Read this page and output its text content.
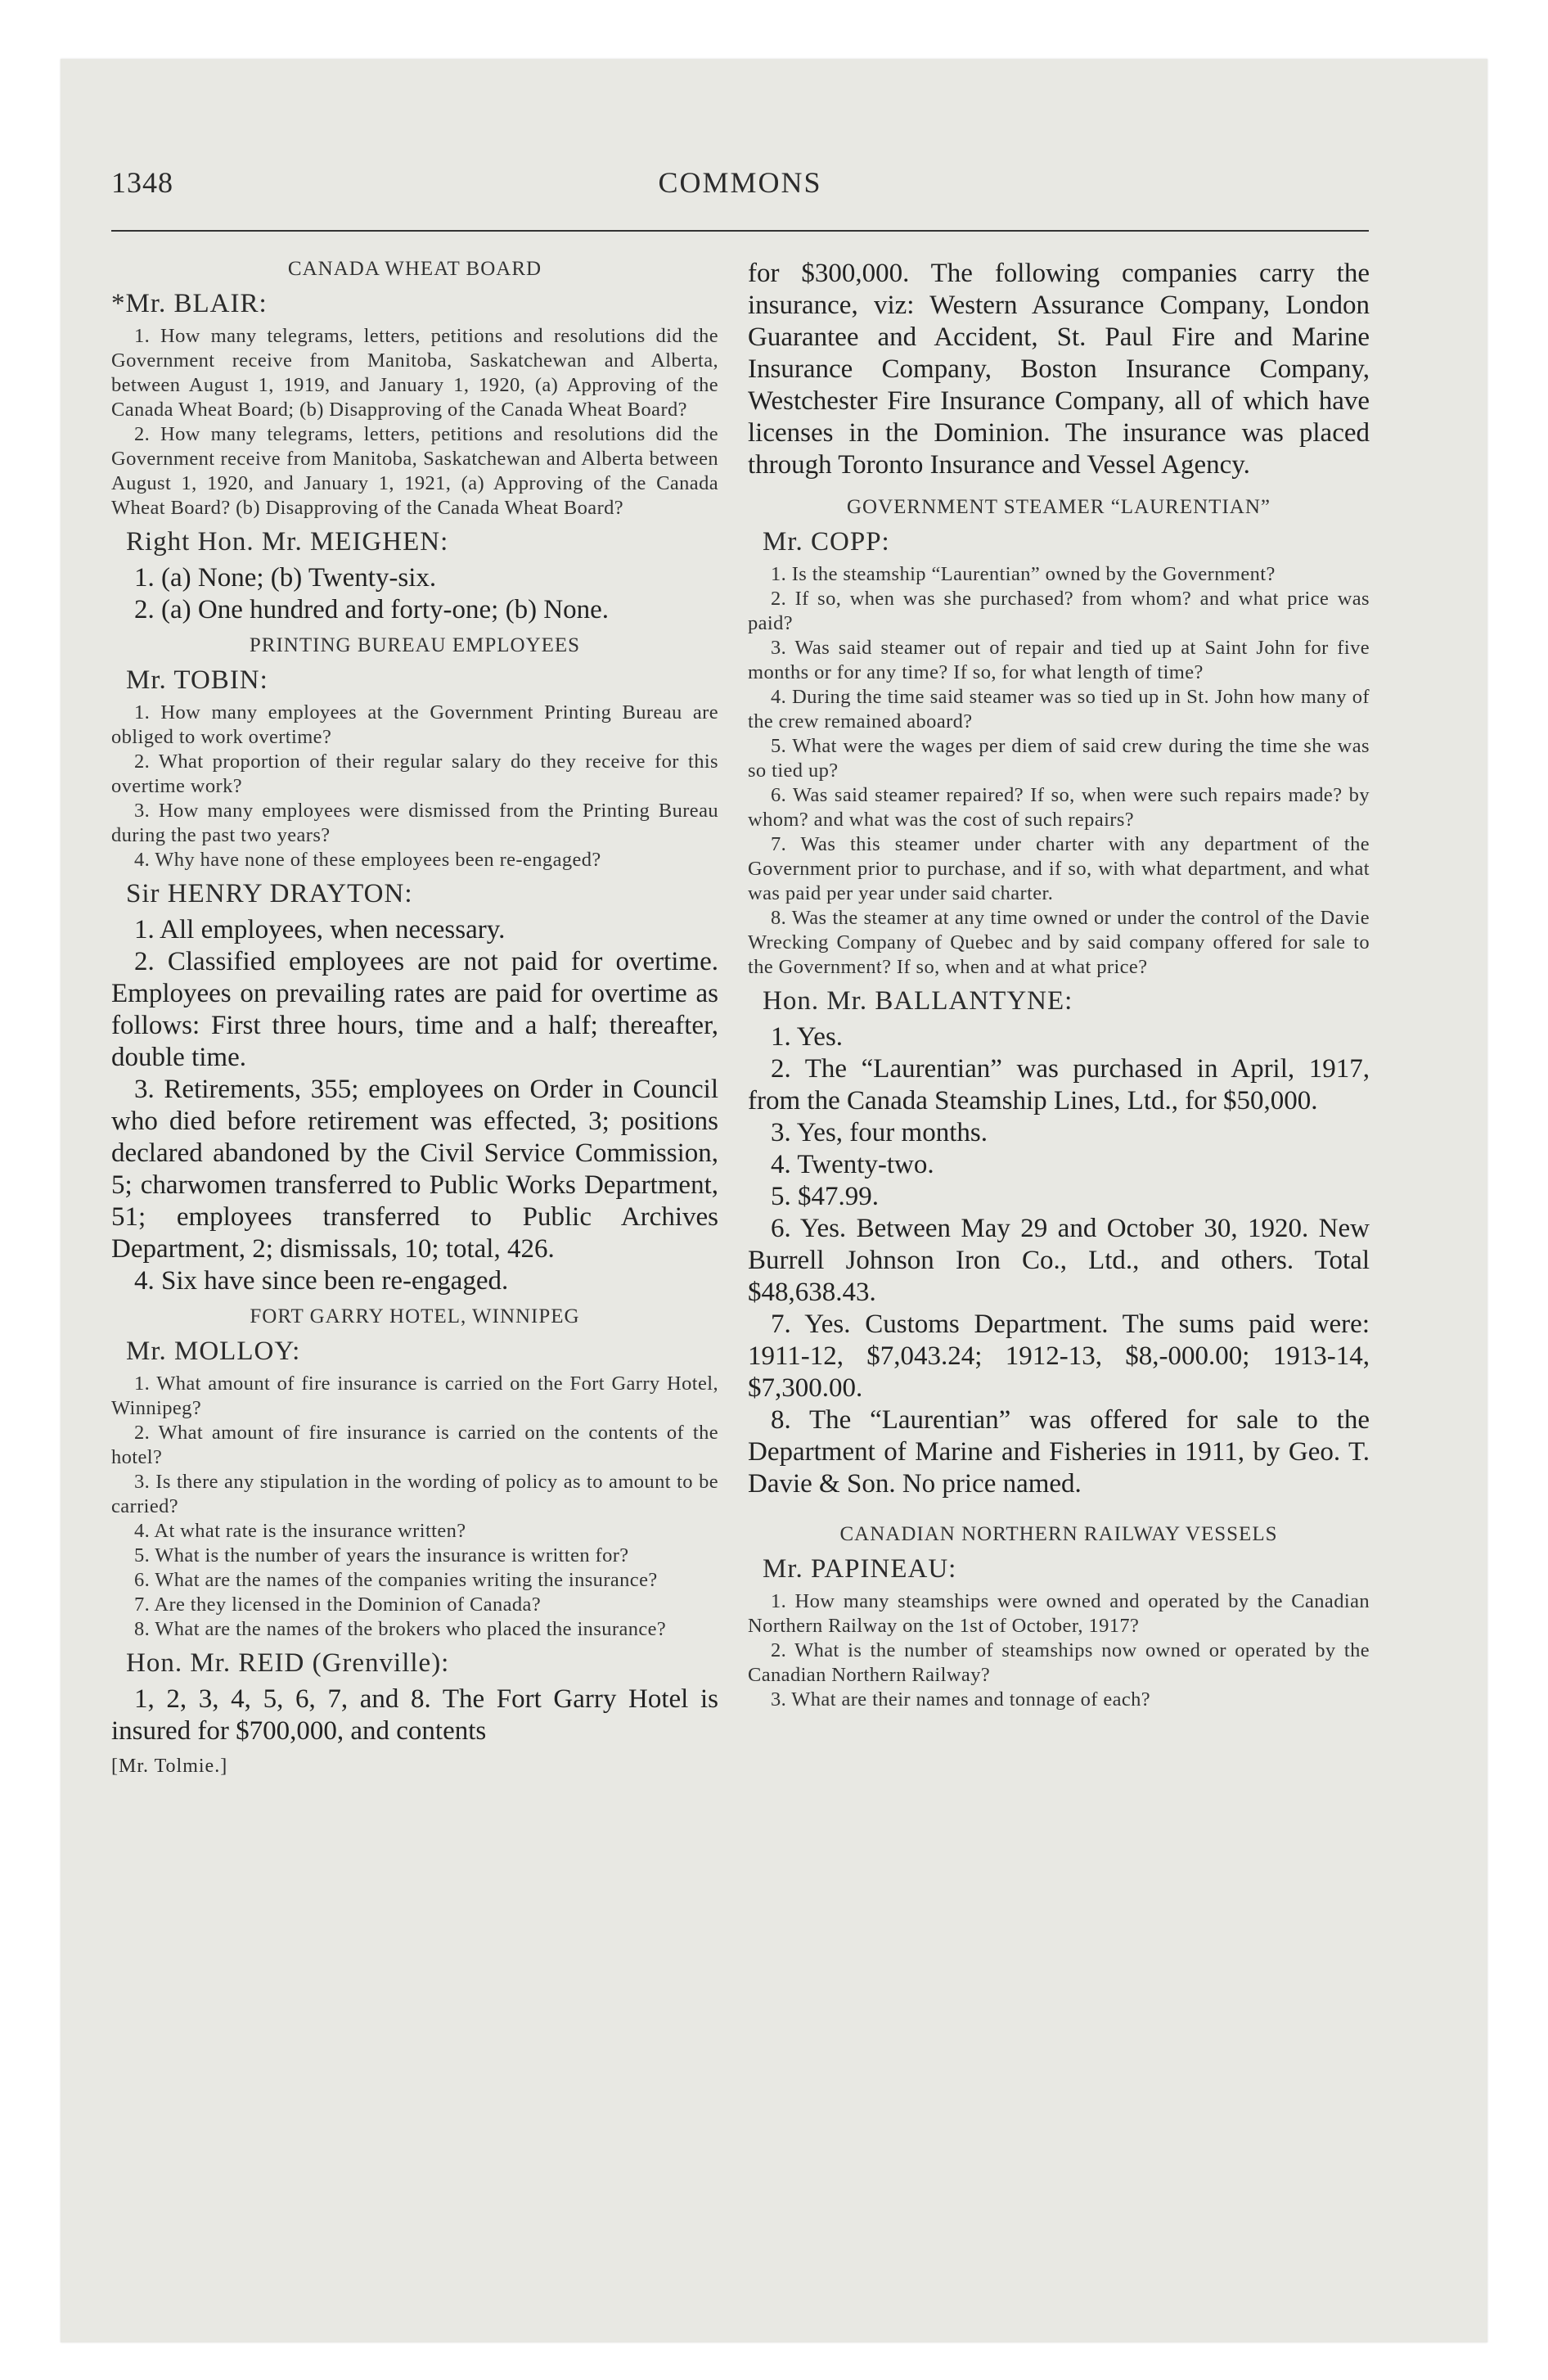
1348	COMMONS
CANADA WHEAT BOARD
*Mr. BLAIR:

1. How many telegrams, letters, petitions and resolutions did the Government receive from Manitoba, Saskatchewan and Alberta, between August 1, 1919, and January 1, 1920, (a) Approving of the Canada Wheat Board; (b) Disapproving of the Canada Wheat Board?

2. How many telegrams, letters, petitions and resolutions did the Government receive from Manitoba, Saskatchewan and Alberta between August 1, 1920, and January 1, 1921, (a) Approving of the Canada Wheat Board? (b) Disapproving of the Canada Wheat Board?

Right Hon. Mr. MEIGHEN:

1. (a) None; (b) Twenty-six.

2. (a) One hundred and forty-one; (b) None.

PRINTING BUREAU EMPLOYEES
Mr. TOBIN:

1. How many employees at the Government Printing Bureau are obliged to work overtime?

2. What proportion of their regular salary do they receive for this overtime work?

3. How many employees were dismissed from the Printing Bureau during the past two years?

4. Why have none of these employees been re-engaged?

Sir HENRY DRAYTON:

1. All employees, when necessary.

2. Classified employees are not paid for overtime. Employees on prevailing rates are paid for overtime as follows: First three hours, time and a half; thereafter, double time.

3. Retirements, 355; employees on Order in Council who died before retirement was effected, 3; positions declared abandoned by the Civil Service Commission, 5; charwomen transferred to Public Works Department, 51; employees transferred to Public Archives Department, 2; dismissals, 10; total, 426.

4. Six have since been re-engaged.

FORT GARRY HOTEL, WINNIPEG
Mr. MOLLOY:

1. What amount of fire insurance is carried on the Fort Garry Hotel, Winnipeg?

2. What amount of fire insurance is carried on the contents of the hotel?

3. Is there any stipulation in the wording of policy as to amount to be carried?

4. At what rate is the insurance written?

5. What is the number of years the insurance is written for?

6. What are the names of the companies writing the insurance?

7. Are they licensed in the Dominion of Canada?

8. What are the names of the brokers who placed the insurance?

Hon. Mr. REID (Grenville):

1, 2, 3, 4, 5, 6, 7, and 8. The Fort Garry Hotel is insured for $700,000, and contents

[Mr. Tolmie.]

for $300,000. The following companies carry the insurance, viz: Western Assurance Company, London Guarantee and Accident, St. Paul Fire and Marine Insurance Company, Boston Insurance Company, Westchester Fire Insurance Company, all of which have licenses in the Dominion. The insurance was placed through Toronto Insurance and Vessel Agency.

GOVERNMENT STEAMER “LAURENTIAN”
Mr. COPP:

1. Is the steamship “Laurentian” owned by the Government?

2. If so, when was she purchased? from whom? and what price was paid?

3. Was said steamer out of repair and tied up at Saint John for five months or for any time? If so, for what length of time?

4. During the time said steamer was so tied up in St. John how many of the crew remained aboard?

5. What were the wages per diem of said crew during the time she was so tied up?

6. Was said steamer repaired? If so, when were such repairs made? by whom? and what was the cost of such repairs?

7. Was this steamer under charter with any department of the Government prior to purchase, and if so, with what department, and what was paid per year under said charter.

8. Was the steamer at any time owned or under the control of the Davie Wrecking Company of Quebec and by said company offered for sale to the Government? If so, when and at what price?

Hon. Mr. BALLANTYNE:

1. Yes.

2. The “Laurentian” was purchased in April, 1917, from the Canada Steamship Lines, Ltd., for $50,000.

3. Yes, four months.

4. Twenty-two.

5. $47.99.

6. Yes. Between May 29 and October 30, 1920. New Burrell Johnson Iron Co., Ltd., and others. Total $48,638.43.

7. Yes. Customs Department. The sums paid were: 1911-12, $7,043.24; 1912-13, $8,-000.00; 1913-14, $7,300.00.

8. The “Laurentian” was offered for sale to the Department of Marine and Fisheries in 1911, by Geo. T. Davie & Son. No price named.

CANADIAN NORTHERN RAILWAY VESSELS
Mr. PAPINEAU:

1. How many steamships were owned and operated by the Canadian Northern Railway on the 1st of October, 1917?

2. What is the number of steamships now owned or operated by the Canadian Northern Railway?

3. What are their names and tonnage of each?
